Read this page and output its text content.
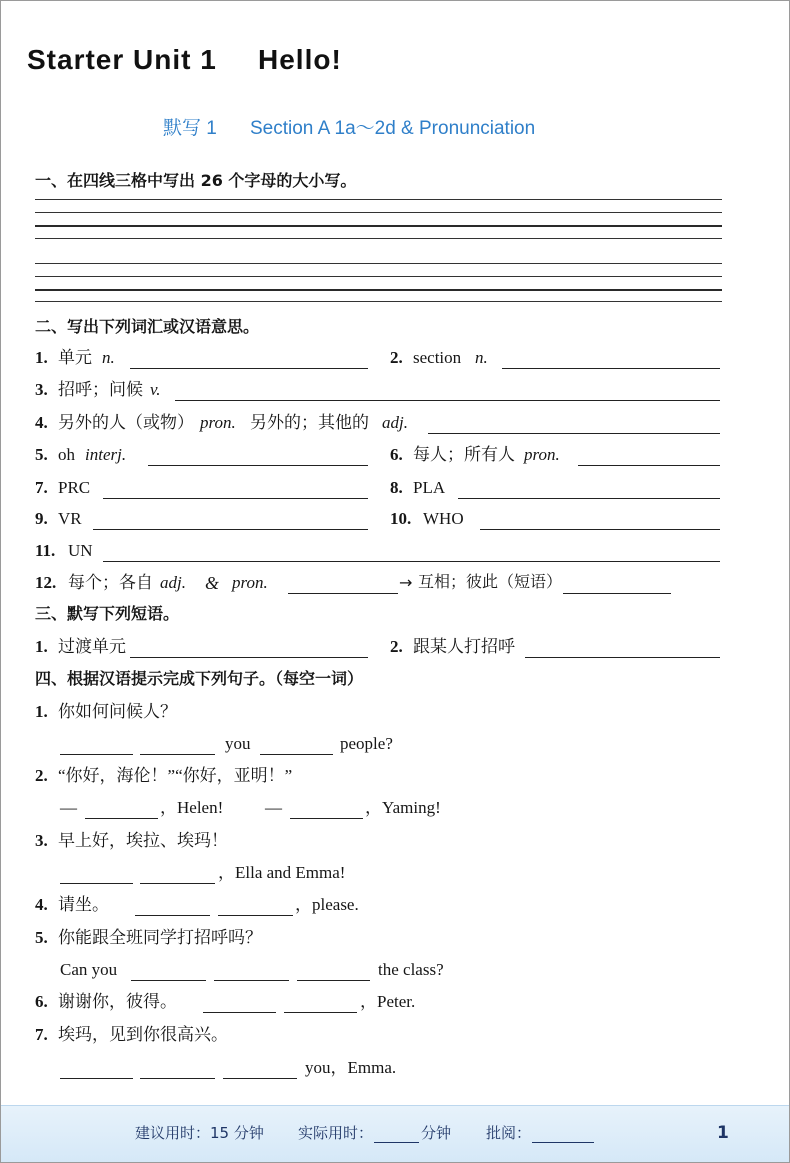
Starter Unit 1 Hello!
默写 1 Section A 1a～2d & Pronunciation
一、在四线三格中写出 26 个字母的大小写。
二、写出下列词汇或汉语意思。
1. 单元 n.	2. section n.
3. 招呼；问候 v.
4. 另外的人（或物） pron. 另外的；其他的 adj.
5. oh interj.	6. 每人；所有人 pron.
7. PRC	8. PLA
9. VR	10. WHO
11. UN
12. 每个；各自 adj. & pron.	→ 互相；彼此（短语）
三、默写下列短语。
1. 过渡单元	2. 跟某人打招呼
四、根据汉语提示完成下列句子。（每空一词）
1. 你如何问候人？
you	people?
2. “你好，海伦！”“你好，亚明！”
—	，Helen! —	，Yaming!
3. 早上好，埃拉、埃玛！
，Ella and Emma!
4. 请坐。	，please.
5. 你能跟全班同学打招呼吗？
Can you	the class?
6. 谢谢你，彼得。	，Peter.
7. 埃玛，见到你很高兴。
you，Emma.
建议用时：15 分钟 实际用时：	分钟 批阅：	1
